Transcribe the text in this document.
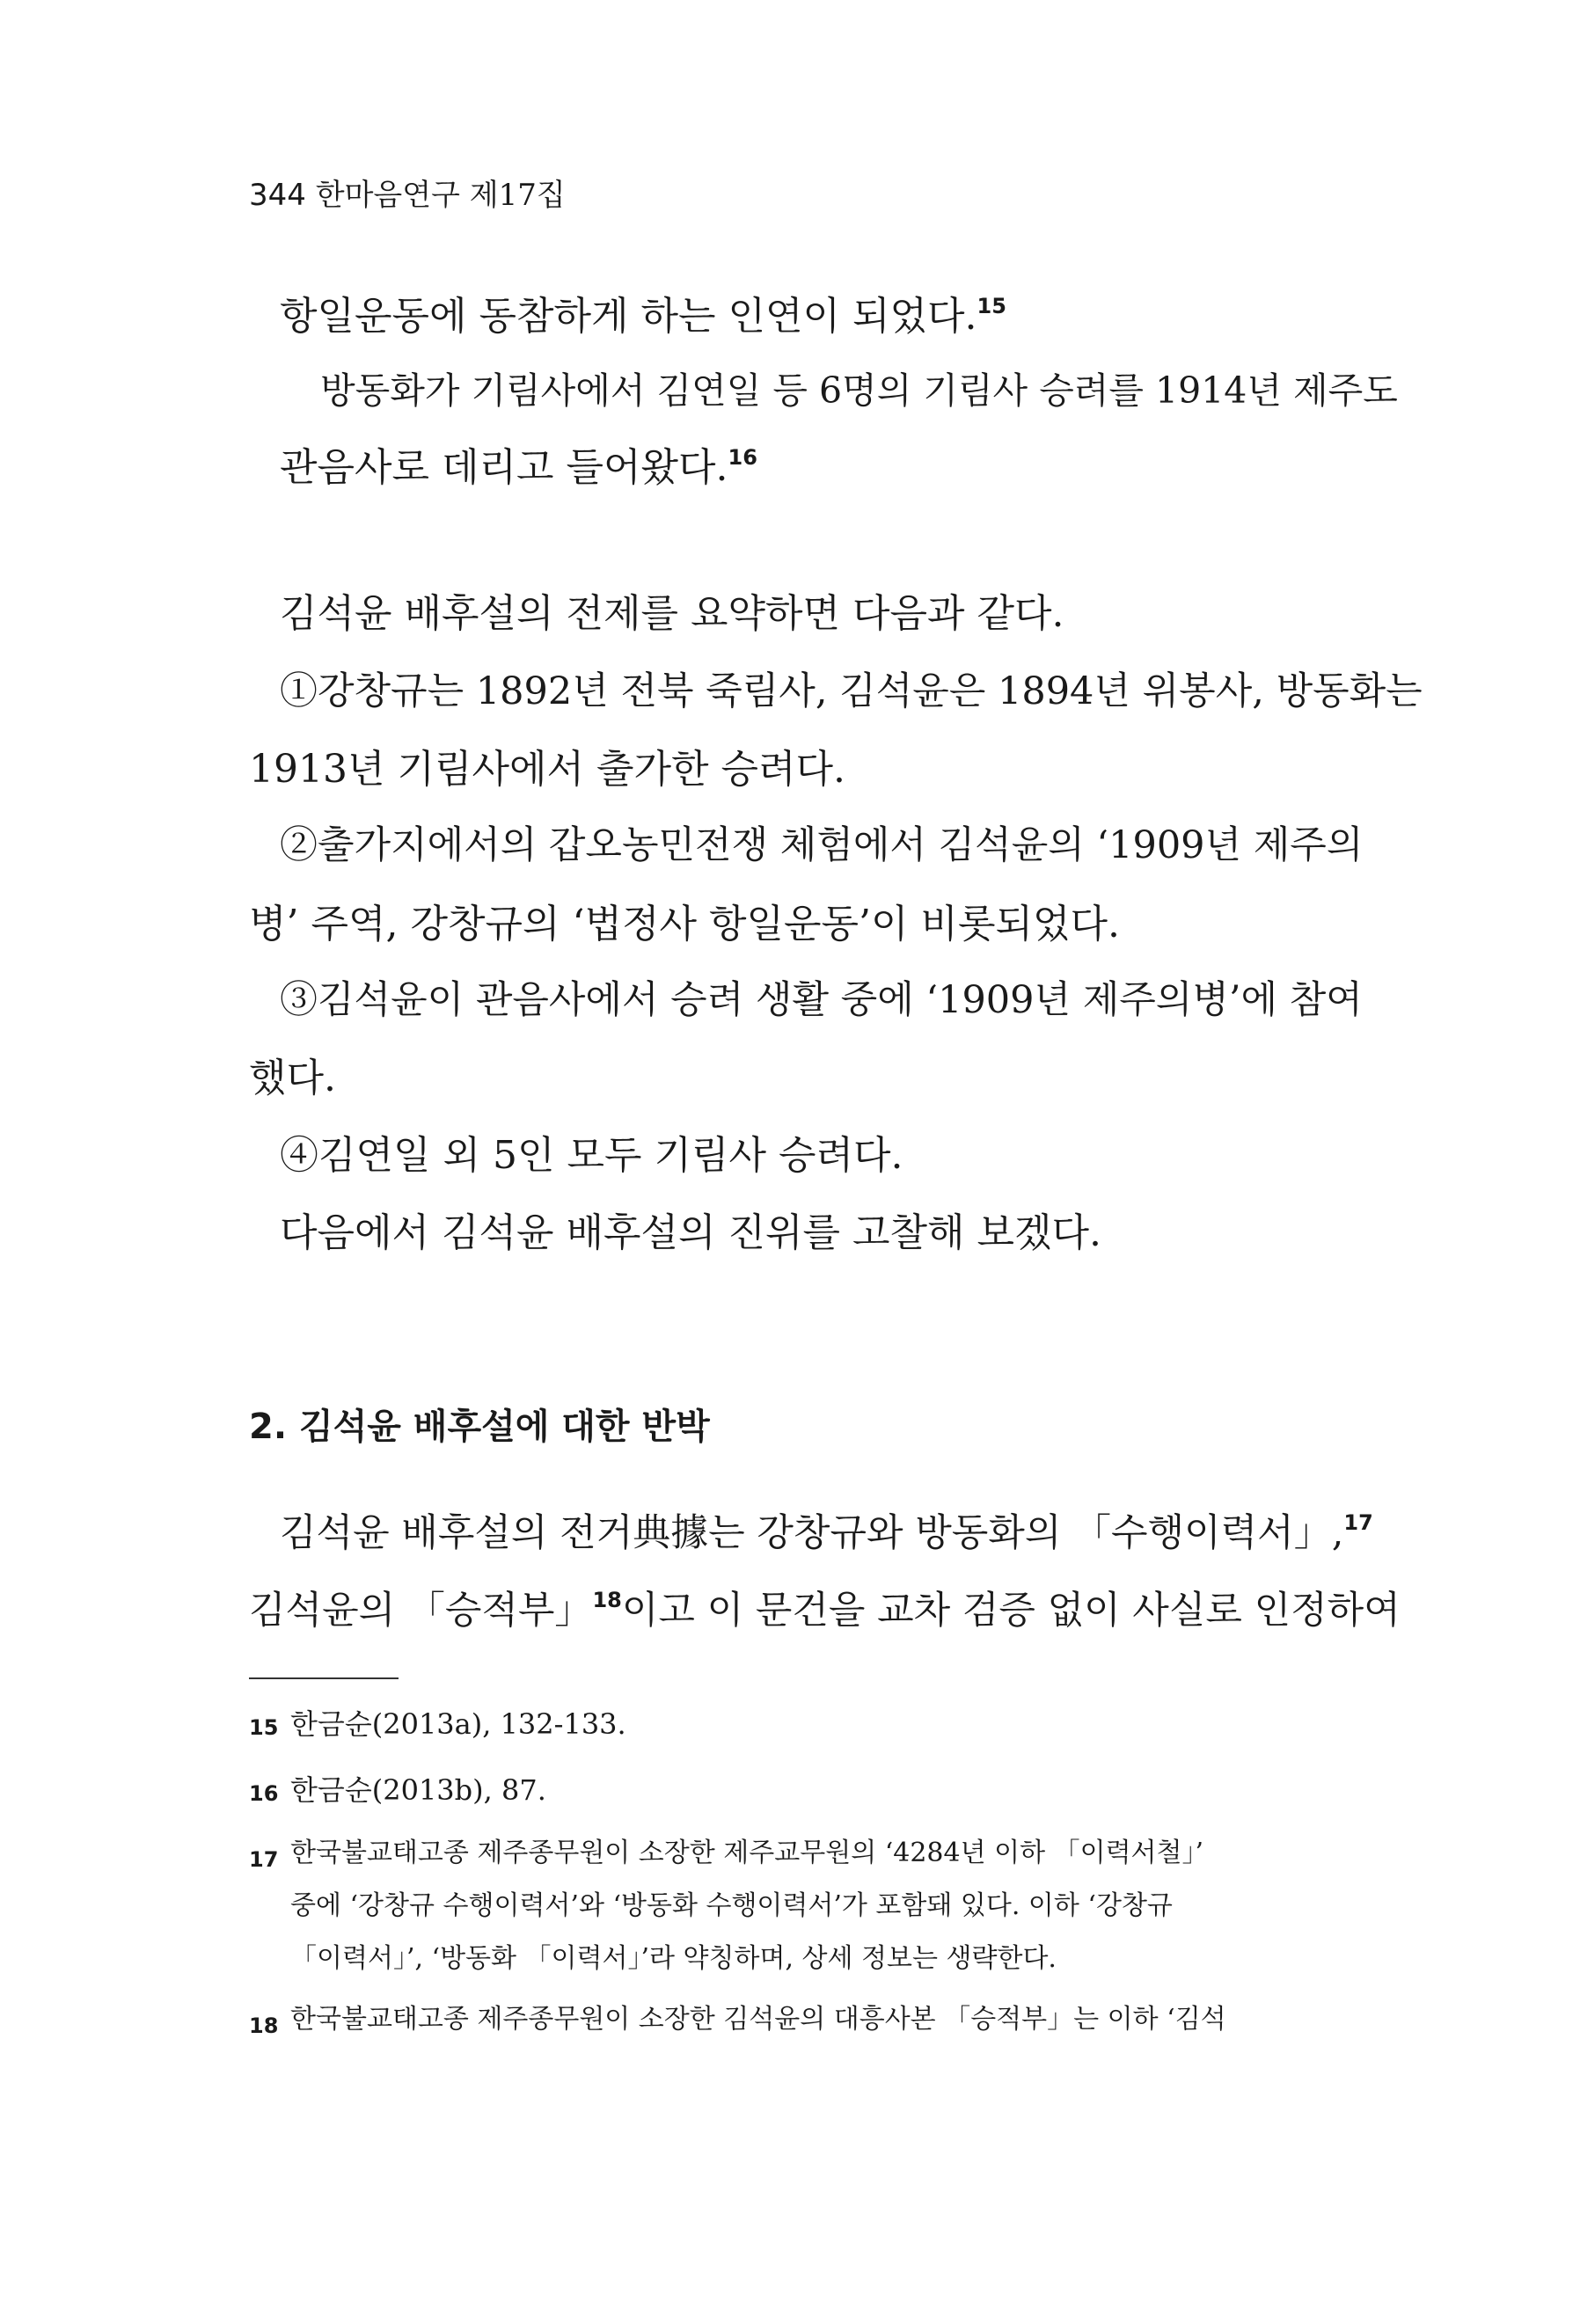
344 한마음연구 제17집
항일운동에 동참하게 하는 인연이 되었다.$^{15}$
방동화가 기림사에서 김연일 등 6명의 기림사 승려를 1914년 제주도
관음사로 데리고 들어왔다.$^{16}$
김석윤 배후설의 전제를 요약하면 다음과 같다.
①강창규는 1892년 전북 죽림사, 김석윤은 1894년 위봉사, 방동화는
1913년 기림사에서 출가한 승려다.
②출가지에서의 갑오농민전쟁 체험에서 김석윤의 ‘1909년 제주의
병’ 주역, 강창규의 ‘법정사 항일운동’이 비롯되었다.
③김석윤이 관음사에서 승려 생활 중에 ‘1909년 제주의병’에 참여
했다.
④김연일 외 5인 모두 기림사 승려다.
다음에서 김석윤 배후설의 진위를 고찰해 보겠다.
2. 김석윤 배후설에 대한 반박
김석윤 배후설의 전거典據는 강창규와 방동화의 「수행이력서」,$^{17}$
김석윤의 「승적부」$^{18}$이고 이 문건을 교차 검증 없이 사실로 인정하여
15 한금순(2013a), 132-133.
16 한금순(2013b), 87.
17 한국불교태고종 제주종무원이 소장한 제주교무원의 ‘4284년 이하 「이력서철」’
중에 ‘강창규 수행이력서’와 ‘방동화 수행이력서’가 포함돼 있다. 이하 ‘강창규
「이력서」’, ‘방동화 「이력서」’라 약칭하며, 상세 정보는 생략한다.
18 한국불교태고종 제주종무원이 소장한 김석윤의 대흥사본 「승적부」는 이하 ‘김석
